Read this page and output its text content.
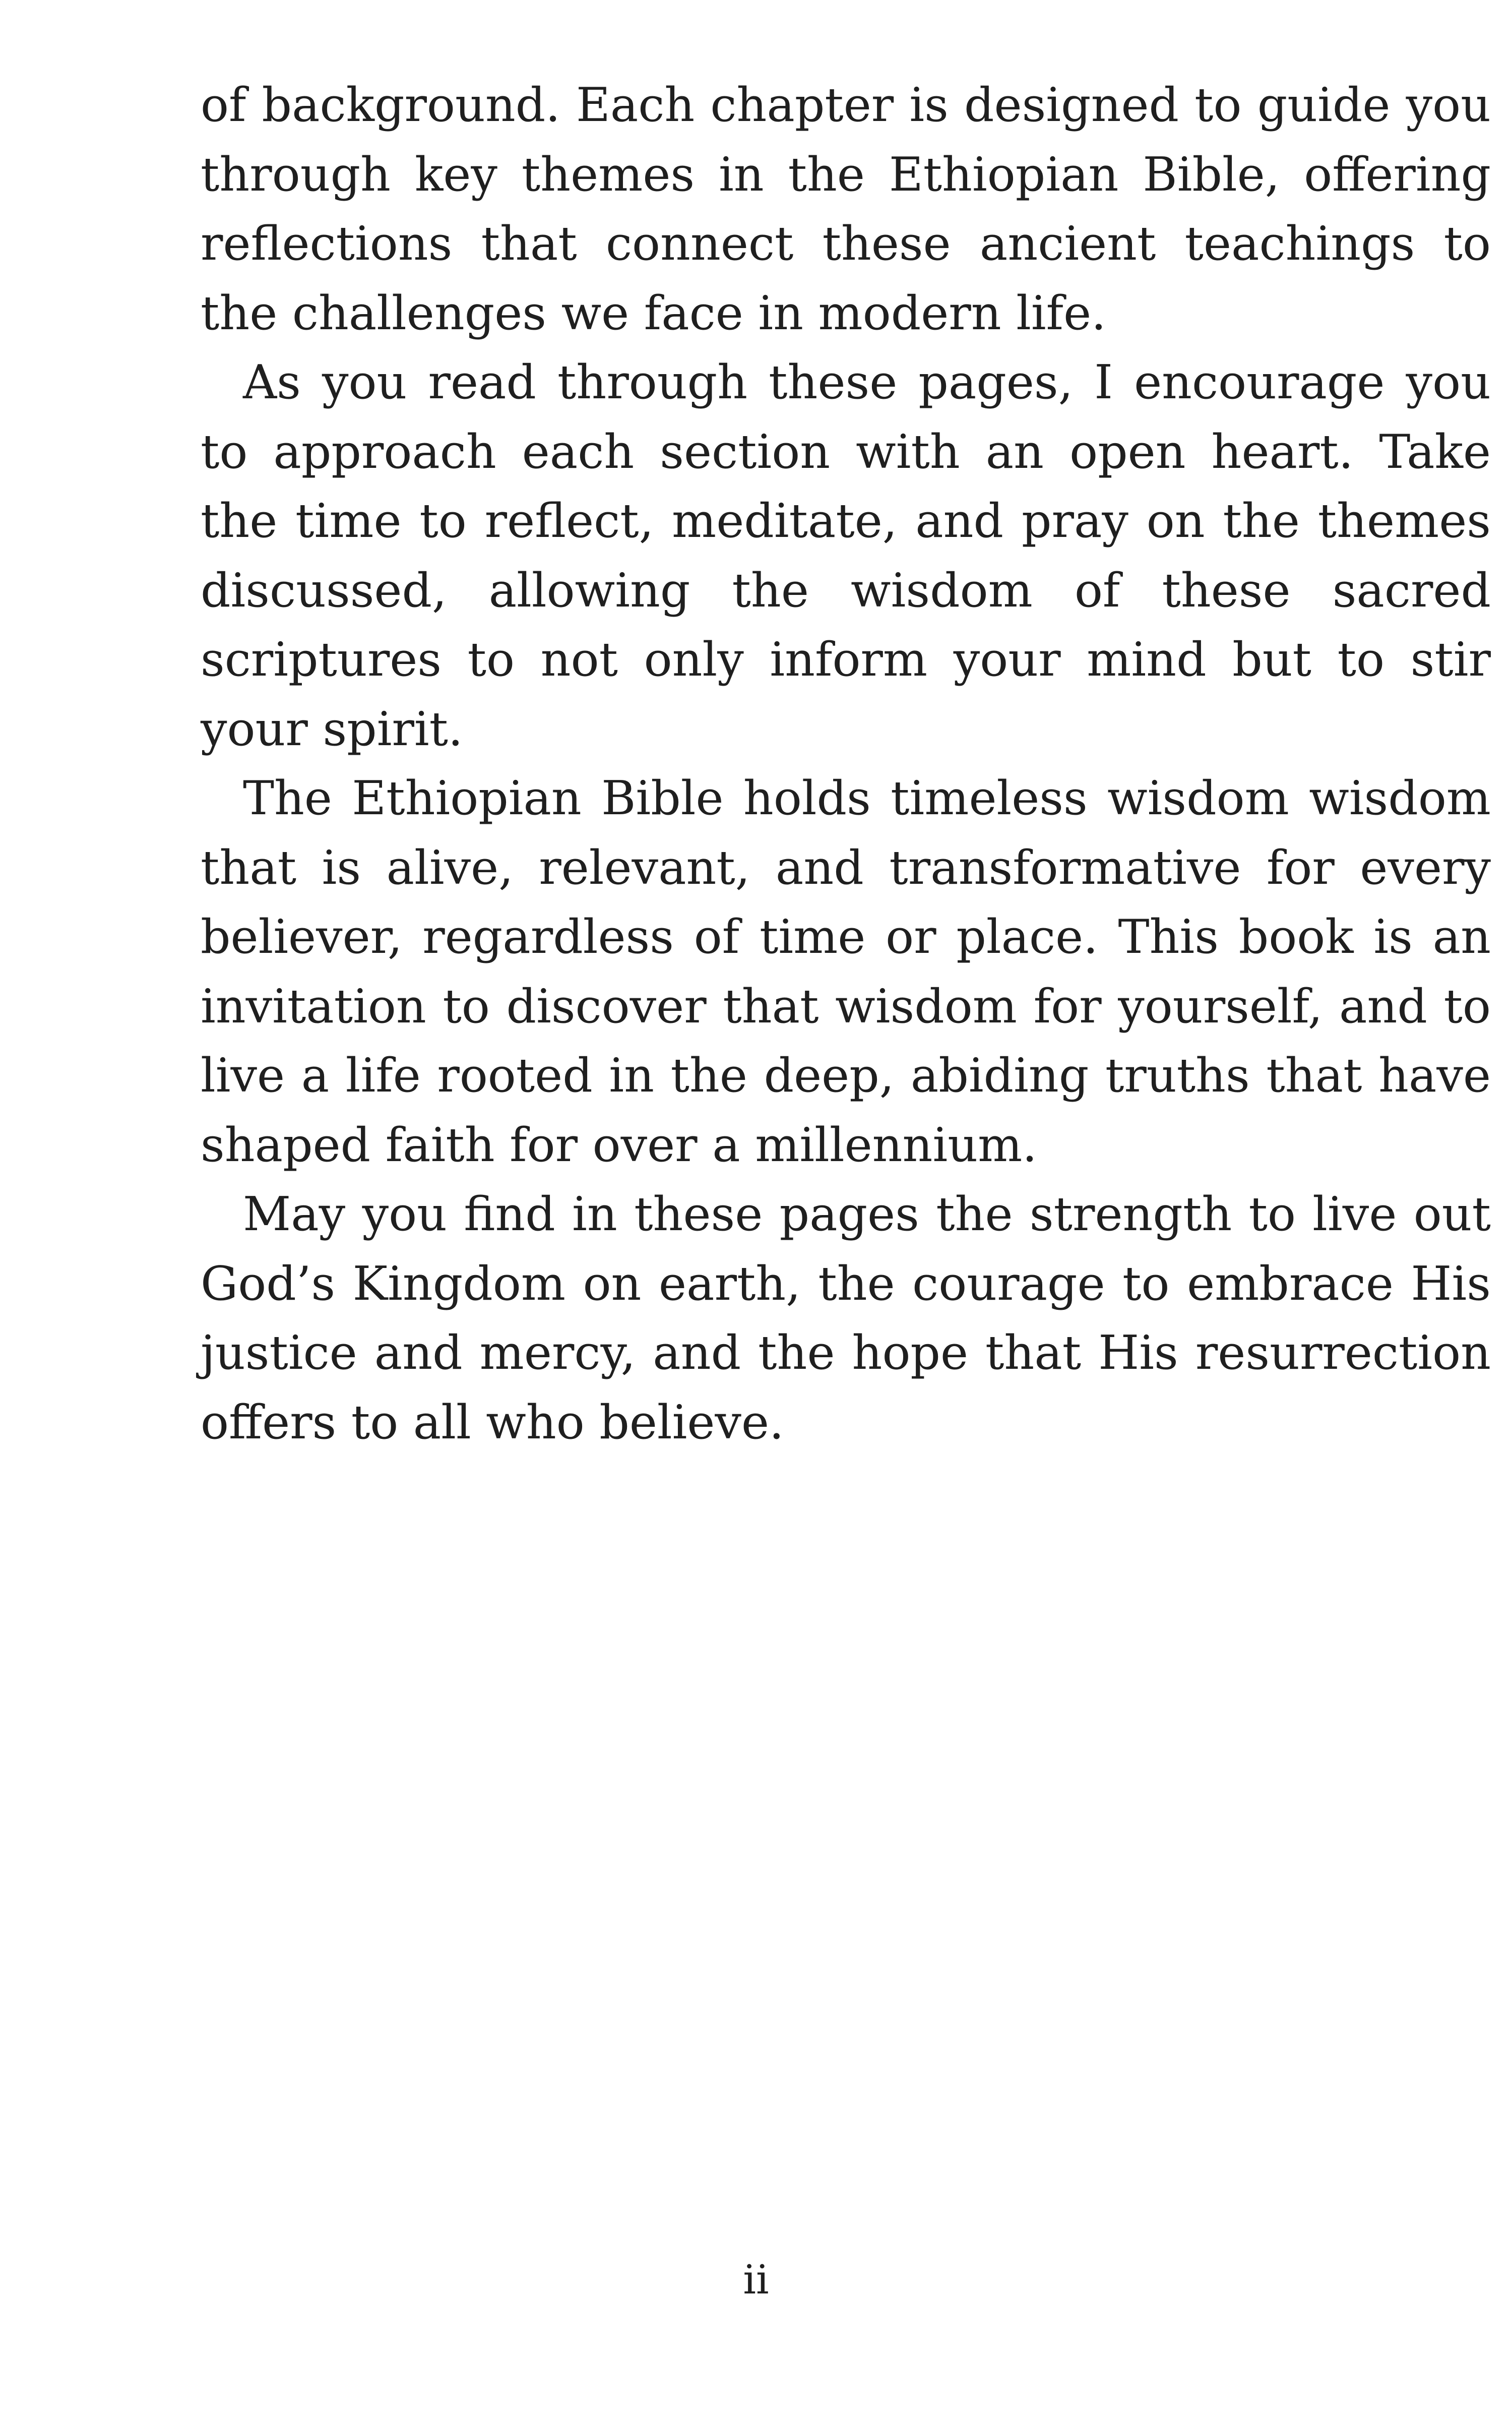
of background. Each chapter is designed to guide you through key themes in the Ethiopian Bible, offering reflections that connect these ancient teachings to the challenges we face in modern life.

As you read through these pages, I encourage you to approach each section with an open heart. Take the time to reflect, meditate, and pray on the themes discussed, allowing the wisdom of these sacred scriptures to not only inform your mind but to stir your spirit.

The Ethiopian Bible holds timeless wisdom wisdom that is alive, relevant, and transformative for every believer, regardless of time or place. This book is an invitation to discover that wisdom for yourself, and to live a life rooted in the deep, abiding truths that have shaped faith for over a millennium.

May you find in these pages the strength to live out God’s Kingdom on earth, the courage to embrace His justice and mercy, and the hope that His resurrection offers to all who believe.

ii
